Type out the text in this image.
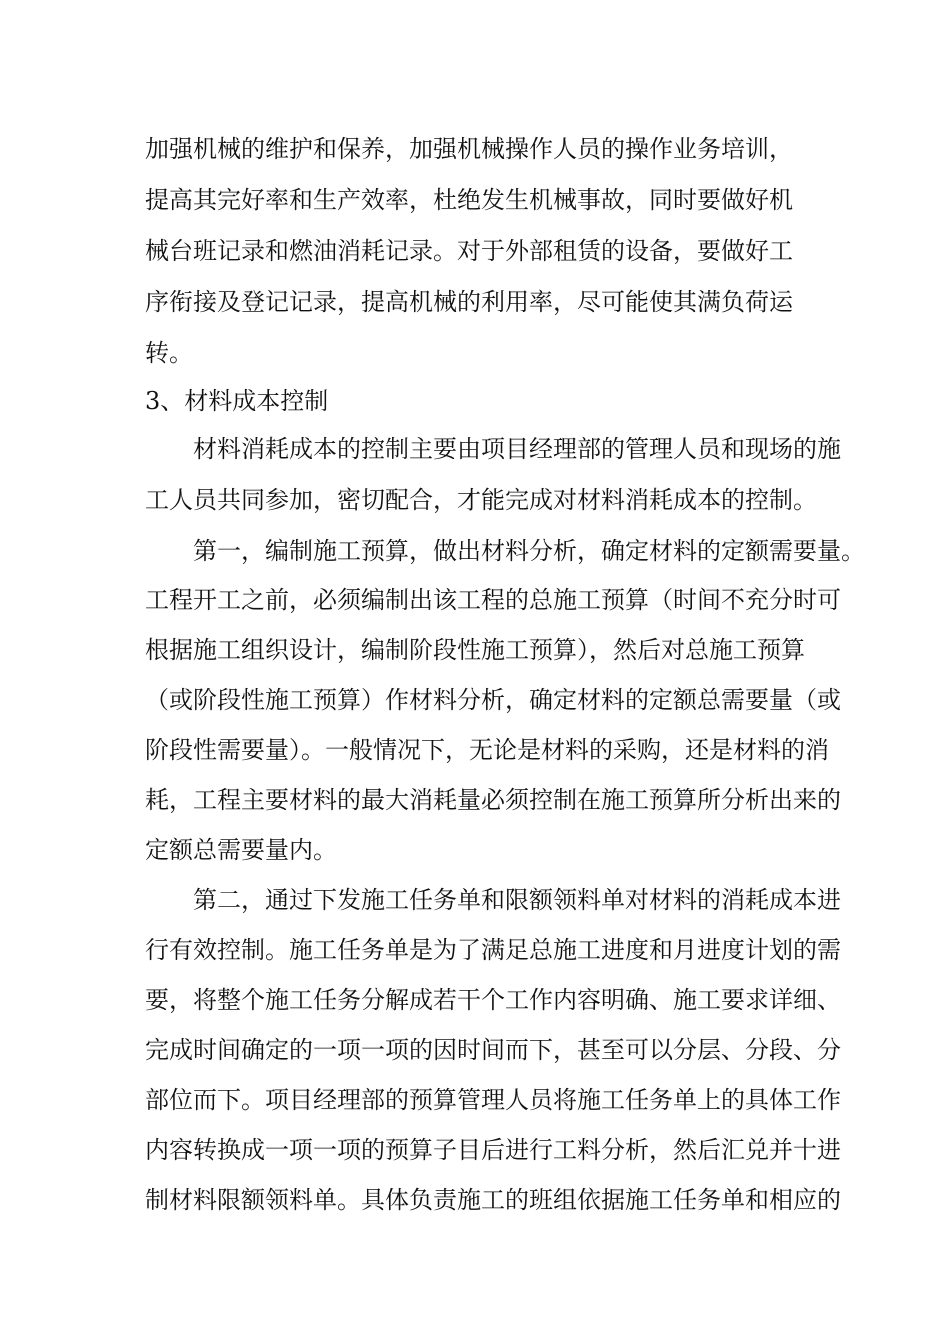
加强机械的维护和保养，加强机械操作人员的操作业务培训，
提高其完好率和生产效率，杜绝发生机械事故，同时要做好机
械台班记录和燃油消耗记录。对于外部租赁的设备，要做好工
序衔接及登记记录，提高机械的利用率，尽可能使其满负荷运
转。
3、材料成本控制
材料消耗成本的控制主要由项目经理部的管理人员和现场的施
工人员共同参加，密切配合，才能完成对材料消耗成本的控制。
第一，编制施工预算，做出材料分析，确定材料的定额需要量。
工程开工之前，必须编制出该工程的总施工预算（时间不充分时可
根据施工组织设计，编制阶段性施工预算），然后对总施工预算
（或阶段性施工预算）作材料分析，确定材料的定额总需要量（或
阶段性需要量）。一般情况下，无论是材料的采购，还是材料的消
耗，工程主要材料的最大消耗量必须控制在施工预算所分析出来的
定额总需要量内。
第二，通过下发施工任务单和限额领料单对材料的消耗成本进
行有效控制。施工任务单是为了满足总施工进度和月进度计划的需
要，将整个施工任务分解成若干个工作内容明确、施工要求详细、
完成时间确定的一项一项的因时间而下，甚至可以分层、分段、分
部位而下。项目经理部的预算管理人员将施工任务单上的具体工作
内容转换成一项一项的预算子目后进行工料分析，然后汇兑并十进
制材料限额领料单。具体负责施工的班组依据施工任务单和相应的
